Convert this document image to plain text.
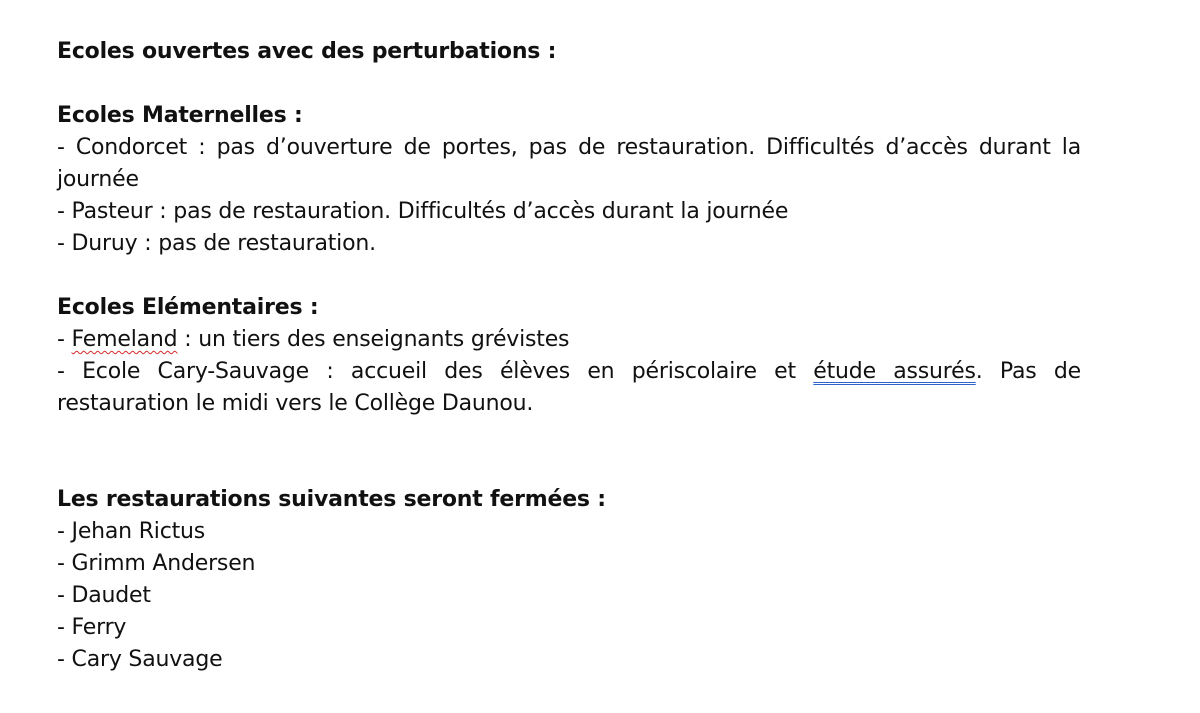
Ecoles ouvertes avec des perturbations :
Ecoles Maternelles :
- Condorcet : pas d’ouverture de portes, pas de restauration. Difficultés d’accès durant la journée
- Pasteur : pas de restauration. Difficultés d’accès durant la journée
- Duruy : pas de restauration.
Ecoles Elémentaires :
- Femeland : un tiers des enseignants grévistes
- Ecole Cary-Sauvage : accueil des élèves en périscolaire et étude assurés. Pas de restauration le midi vers le Collège Daunou.
Les restaurations suivantes seront fermées :
- Jehan Rictus
- Grimm Andersen
- Daudet
- Ferry
- Cary Sauvage
